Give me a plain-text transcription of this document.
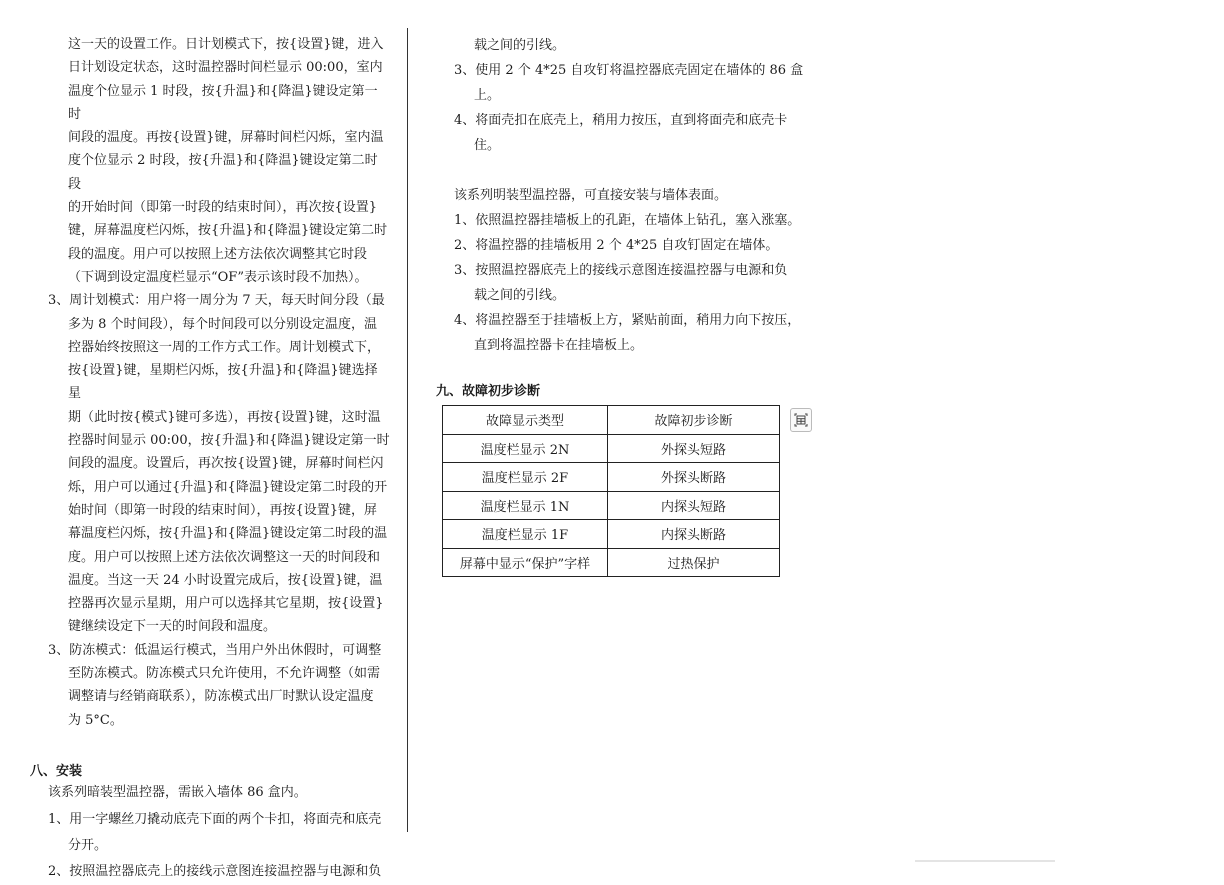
这一天的设置工作。日计划模式下，按{设置}键，进入

日计划设定状态，这时温控器时间栏显示 00:00，室内

温度个位显示 1 时段，按{升温}和{降温}键设定第一时

间段的温度。再按{设置}键，屏幕时间栏闪烁，室内温

度个位显示 2 时段，按{升温}和{降温}键设定第二时段

的开始时间（即第一时段的结束时间），再次按{设置}

键，屏幕温度栏闪烁，按{升温}和{降温}键设定第二时

段的温度。用户可以按照上述方法依次调整其它时段

（下调到设定温度栏显示“OF”表示该时段不加热）。

3、周计划模式：用户将一周分为 7 天，每天时间分段（最

多为 8 个时间段），每个时间段可以分别设定温度，温

控器始终按照这一周的工作方式工作。周计划模式下，

按{设置}键，星期栏闪烁，按{升温}和{降温}键选择星

期（此时按{模式}键可多选），再按{设置}键，这时温

控器时间显示 00:00，按{升温}和{降温}键设定第一时

间段的温度。设置后，再次按{设置}键，屏幕时间栏闪

烁，用户可以通过{升温}和{降温}键设定第二时段的开

始时间（即第一时段的结束时间），再按{设置}键，屏

幕温度栏闪烁，按{升温}和{降温}键设定第二时段的温

度。用户可以按照上述方法依次调整这一天的时间段和

温度。当这一天 24 小时设置完成后，按{设置}键，温

控器再次显示星期，用户可以选择其它星期，按{设置}

键继续设定下一天的时间段和温度。

3、防冻模式：低温运行模式，当用户外出休假时，可调整

至防冻模式。防冻模式只允许使用，不允许调整（如需

调整请与经销商联系），防冻模式出厂时默认设定温度

为 5°C。

八、安装

该系列暗装型温控器，需嵌入墙体 86 盒内。

1、用一字螺丝刀撬动底壳下面的两个卡扣，将面壳和底壳

分开。

2、按照温控器底壳上的接线示意图连接温控器与电源和负

载之间的引线。

3、使用 2 个 4*25 自攻钉将温控器底壳固定在墙体的 86 盒

上。

4、将面壳扣在底壳上，稍用力按压，直到将面壳和底壳卡

住。

该系列明装型温控器，可直接安装与墙体表面。

1、依照温控器挂墙板上的孔距，在墙体上钻孔，塞入涨塞。

2、将温控器的挂墙板用 2 个 4*25 自攻钉固定在墙体。

3、按照温控器底壳上的接线示意图连接温控器与电源和负

载之间的引线。

4、将温控器至于挂墙板上方，紧贴前面，稍用力向下按压，

直到将温控器卡在挂墙板上。

九、故障初步诊断

故障显示类型	故障初步诊断
温度栏显示 2N	外探头短路
温度栏显示 2F	外探头断路
温度栏显示 1N	内探头短路
温度栏显示 1F	内探头断路
屏幕中显示“保护”字样	过热保护
